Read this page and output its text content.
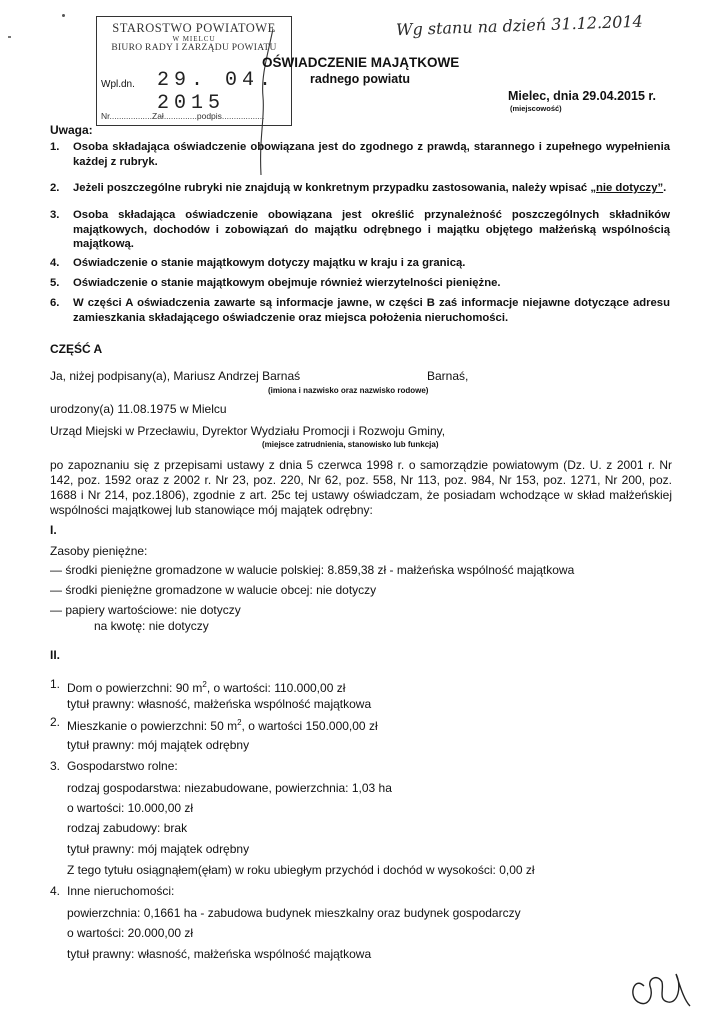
STAROSTWO POWIATOWE
W MIELCU
BIURO RADY I ZARZĄDU POWIATU
Wpl.dn. 29. 04. 2015
Nr..................Zał..............podpis..................
Wg stanu na dzień 31.12.2014
OŚWIADCZENIE MAJĄTKOWE
radnego powiatu
Mielec, dnia 29.04.2015 r.
(miejscowość)
Uwaga:
1.	Osoba składająca oświadczenie obowiązana jest do zgodnego z prawdą, starannego i zupełnego wypełnienia każdej z rubryk.
2.	Jeżeli poszczególne rubryki nie znajdują w konkretnym przypadku zastosowania, należy wpisać „nie dotyczy”.
3.	Osoba składająca oświadczenie obowiązana jest określić przynależność poszczególnych składników majątkowych, dochodów i zobowiązań do majątku odrębnego i majątku objętego małżeńską wspólnością majątkową.
4.	Oświadczenie o stanie majątkowym dotyczy majątku w kraju i za granicą.
5.	Oświadczenie o stanie majątkowym obejmuje również wierzytelności pieniężne.
6.	W części A oświadczenia zawarte są informacje jawne, w części B zaś informacje niejawne dotyczące adresu zamieszkania składającego oświadczenie oraz miejsca położenia nieruchomości.
CZĘŚĆ A
Ja, niżej podpisany(a), Mariusz Andrzej Barnaś	Barnaś,
(imiona i nazwisko oraz nazwisko rodowe)
urodzony(a) 11.08.1975 w Mielcu
Urząd Miejski w Przecławiu, Dyrektor Wydziału Promocji i Rozwoju Gminy,
(miejsce zatrudnienia, stanowisko lub funkcja)
po zapoznaniu się z przepisami ustawy z dnia 5 czerwca 1998 r. o samorządzie powiatowym (Dz. U. z 2001 r. Nr 142, poz. 1592 oraz z 2002 r. Nr 23, poz. 220, Nr 62, poz. 558, Nr 113, poz. 984, Nr 153, poz. 1271, Nr 200, poz. 1688 i Nr 214, poz.1806), zgodnie z art. 25c tej ustawy oświadczam, że posiadam wchodzące w skład małżeńskiej wspólności majątkowej lub stanowiące mój majątek odrębny:
I.
Zasoby pieniężne:
— środki pieniężne gromadzone w walucie polskiej: 8.859,38 zł - małżeńska wspólność majątkowa
— środki pieniężne gromadzone w walucie obcej: nie dotyczy
— papiery wartościowe: nie dotyczy
na kwotę: nie dotyczy
II.
1. Dom o powierzchni: 90 $m^2$, o wartości: 110.000,00 zł
tytuł prawny: własność, małżeńska wspólność majątkowa
2. Mieszkanie o powierzchni: 50 $m^2$, o wartości 150.000,00 zł
tytuł prawny: mój majątek odrębny
3. Gospodarstwo rolne:
rodzaj gospodarstwa: niezabudowane, powierzchnia: 1,03 ha
o wartości: 10.000,00 zł
rodzaj zabudowy: brak
tytuł prawny: mój majątek odrębny
Z tego tytułu osiągnąłem(ęłam) w roku ubiegłym przychód i dochód w wysokości: 0,00 zł
4. Inne nieruchomości:
powierzchnia: 0,1661 ha - zabudowa budynek mieszkalny oraz budynek gospodarczy
o wartości: 20.000,00 zł
tytuł prawny: własność, małżeńska wspólność majątkowa
